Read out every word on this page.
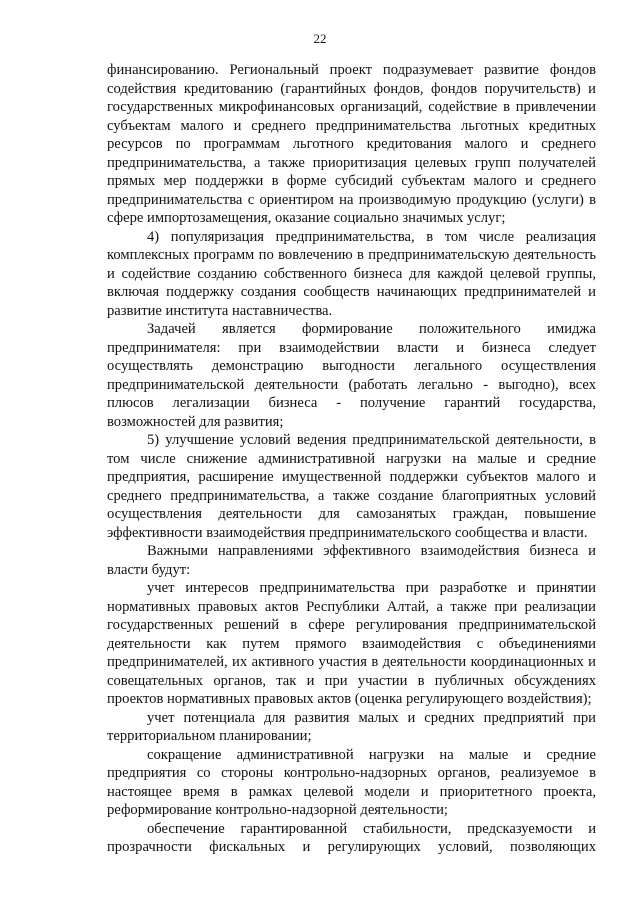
22

финансированию. Региональный проект подразумевает развитие фондов содействия кредитованию (гарантийных фондов, фондов поручительств) и государственных микрофинансовых организаций, содействие в привлечении субъектам малого и среднего предпринимательства льготных кредитных ресурсов по программам льготного кредитования малого и среднего предпринимательства, а также приоритизация целевых групп получателей прямых мер поддержки в форме субсидий субъектам малого и среднего предпринимательства с ориентиром на производимую продукцию (услуги) в сфере импортозамещения, оказание социально значимых услуг;

4) популяризация предпринимательства, в том числе реализация комплексных программ по вовлечению в предпринимательскую деятельность и содействие созданию собственного бизнеса для каждой целевой группы, включая поддержку создания сообществ начинающих предпринимателей и развитие института наставничества.

Задачей является формирование положительного имиджа предпринимателя: при взаимодействии власти и бизнеса следует осуществлять демонстрацию выгодности легального осуществления предпринимательской деятельности (работать легально - выгодно), всех плюсов легализации бизнеса - получение гарантий государства, возможностей для развития;

5) улучшение условий ведения предпринимательской деятельности, в том числе снижение административной нагрузки на малые и средние предприятия, расширение имущественной поддержки субъектов малого и среднего предпринимательства, а также создание благоприятных условий осуществления деятельности для самозанятых граждан, повышение эффективности взаимодействия предпринимательского сообщества и власти.

Важными направлениями эффективного взаимодействия бизнеса и власти будут:

учет интересов предпринимательства при разработке и принятии нормативных правовых актов Республики Алтай, а также при реализации государственных решений в сфере регулирования предпринимательской деятельности как путем прямого взаимодействия с объединениями предпринимателей, их активного участия в деятельности координационных и совещательных органов, так и при участии в публичных обсуждениях проектов нормативных правовых актов (оценка регулирующего воздействия);

учет потенциала для развития малых и средних предприятий при территориальном планировании;

сокращение административной нагрузки на малые и средние предприятия со стороны контрольно-надзорных органов, реализуемое в настоящее время в рамках целевой модели и приоритетного проекта, реформирование контрольно-надзорной деятельности;

обеспечение гарантированной стабильности, предсказуемости и прозрачности фискальных и регулирующих условий, позволяющих
